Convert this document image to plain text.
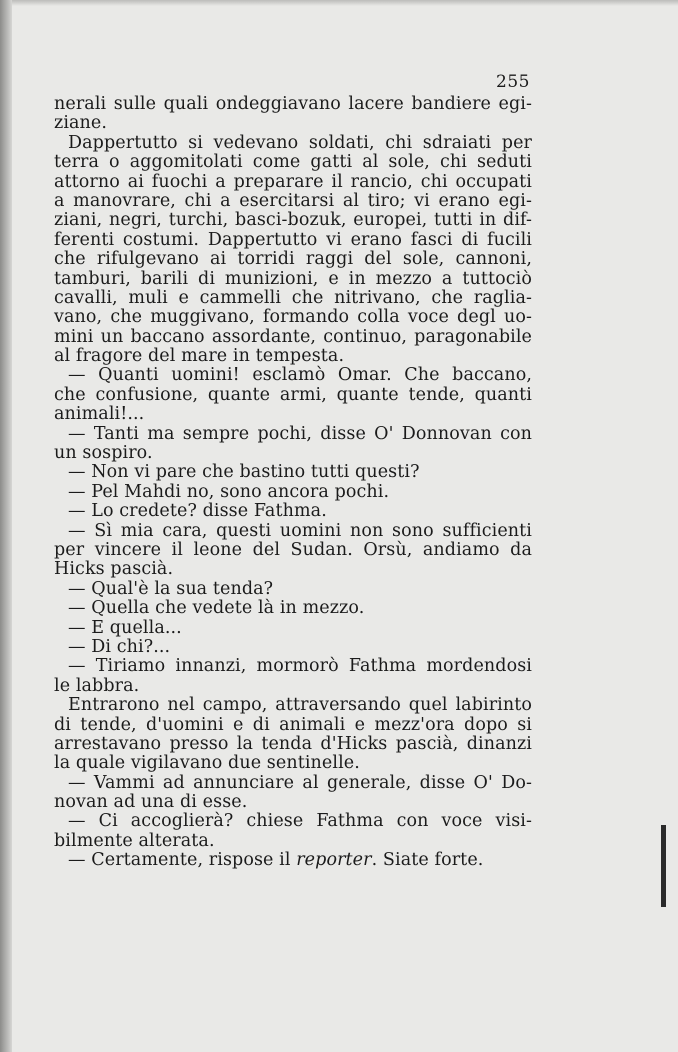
255
nerali sulle quali ondeggiavano lacere bandiere egi-
ziane.
Dappertutto si vedevano soldati, chi sdraiati per
terra o aggomitolati come gatti al sole, chi seduti
attorno ai fuochi a preparare il rancio, chi occupati
a manovrare, chi a esercitarsi al tiro; vi erano egi-
ziani, negri, turchi, basci-bozuk, europei, tutti in dif-
ferenti costumi. Dappertutto vi erano fasci di fucili
che rifulgevano ai torridi raggi del sole, cannoni,
tamburi, barili di munizioni, e in mezzo a tuttociò
cavalli, muli e cammelli che nitrivano, che raglia-
vano, che muggivano, formando colla voce degl uo-
mini un baccano assordante, continuo, paragonabile
al fragore del mare in tempesta.
— Quanti uomini! esclamò Omar. Che baccano,
che confusione, quante armi, quante tende, quanti
animali!...
— Tanti ma sempre pochi, disse O' Donnovan con
un sospiro.
— Non vi pare che bastino tutti questi?
— Pel Mahdi no, sono ancora pochi.
— Lo credete? disse Fathma.
— Sì mia cara, questi uomini non sono sufficienti
per vincere il leone del Sudan. Orsù, andiamo da
Hicks pascià.
— Qual'è la sua tenda?
— Quella che vedete là in mezzo.
— E quella...
— Di chi?...
— Tiriamo innanzi, mormorò Fathma mordendosi
le labbra.
Entrarono nel campo, attraversando quel labirinto
di tende, d'uomini e di animali e mezz'ora dopo si
arrestavano presso la tenda d'Hicks pascià, dinanzi
la quale vigilavano due sentinelle.
— Vammi ad annunciare al generale, disse O' Do-
novan ad una di esse.
— Ci accoglierà? chiese Fathma con voce visi-
bilmente alterata.
— Certamente, rispose il reporter. Siate forte.
